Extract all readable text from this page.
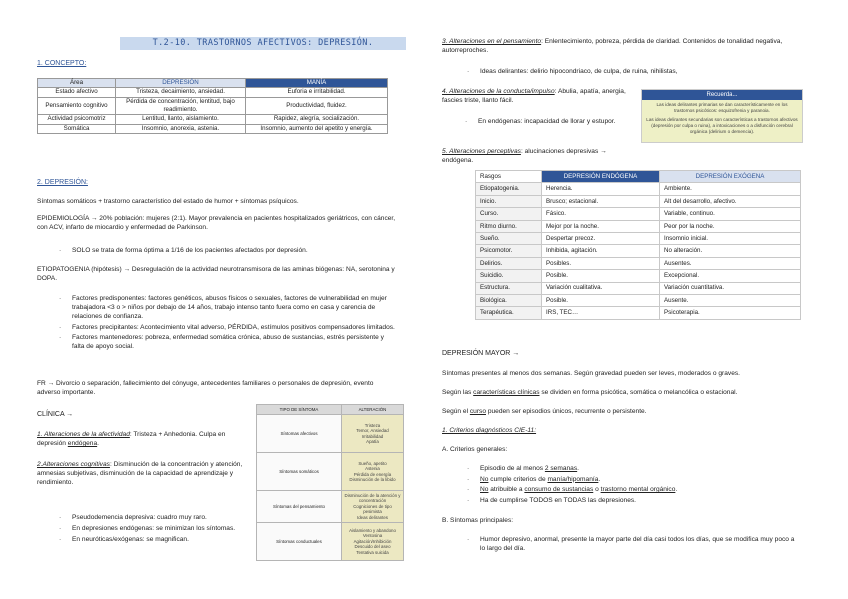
T.2-10. TRASTORNOS AFECTIVOS: DEPRESIÓN.
1. CONCEPTO:
Área	DEPRESIÓN	MANÍA
Estado afectivo	Tristeza, decaimiento, ansiedad.	Euforia e irritabilidad.
Pensamiento cognitivo	Pérdida de concentración, lentitud, bajo readimiento.	Productividad, fluidez.
Actividad psicomotriz	Lentitud, llanto, aislamiento.	Rapidez, alegría, socialización.
Somática	Insomnio, anorexia, astenia.	Insomnio, aumento del apetito y energía.
2. DEPRESIÓN:

Síntomas somáticos + trastorno característico del estado de humor + síntomas psíquicos.

EPIDEMIOLOGÍA → 20% población: mujeres (2:1). Mayor prevalencia en pacientes hospitalizados geriátricos, con cáncer, con ACV, infarto de miocardio y enfermedad de Parkinson.

SOLO se trata de forma óptima a 1/16 de los pacientes afectados por depresión.

ETIOPATOGENIA (hipótesis) → Desregulación de la actividad neurotransmisora de las aminas biógenas: NA, serotonina y DOPA.

· Factores predisponentes: factores genéticos, abusos físicos o sexuales, factores de vulnerabilidad en mujer trabajadora <3 o > niños por debajo de 14 años, trabajo intenso tanto fuera como en casa y carencia de relaciones de confianza.
· Factores precipitantes: Acontecimiento vital adverso, PÉRDIDA, estímulos positivos compensadores limitados.
· Factores mantenedores: pobreza, enfermedad somática crónica, abuso de sustancias, estrés persistente y falta de apoyo social.

FR → Divorcio o separación, fallecimiento del cónyuge, antecedentes familiares o personales de depresión, evento adverso importante.

CLÍNICA →

1. Alteraciones de la afectividad: Tristeza + Anhedonia. Culpa en depresión endógena.

2.Alteraciones cognitivas: Disminución de la concentración y atención, amnesias subjetivas, disminución de la capacidad de aprendizaje y rendimiento.

· Pseudodemencia depresiva: cuadro muy raro.
· En depresiones endógenas: se minimizan los síntomas.
· En neuróticas/exógenas: se magnifican.
TIPO DE SÍNTOMA	ALTERACIÓN
Síntomas afectivos	Tristeza
Temor, Ansiedad
Irritabilidad
Apatía
Síntomas somáticos	Sueño, apetito
Astenia
Pérdida de energía
Disminución de la libido
Síntomas del pensamiento	Disminución de la atención y concentración
Cogniciones de tipo pesimista
Ideas delirantes
Síntomas conductuales	Aislamiento y abandono
Ventosina
Agitación/Inhibición
Descuido del aseo
Tentativa suicida

3. Alteraciones en el pensamiento: Enlentecimiento, pobreza, pérdida de claridad. Contenidos de tonalidad negativa, autorreproches.

Ideas delirantes: delirio hipocondriaco, de culpa, de ruina, nihilistas,

4. Alteraciones de la conducta/impulso: Abulia, apatía, anergia, fascies triste, llanto fácil.

En endógenas: incapacidad de llorar y estupor.

5. Alteraciones perceptivas: alucinaciones depresivas → endógena.

Recuerda...

Las ideas delirantes primarias se dan característicamente en los trastornos psicóticos: esquizofrenia y paranoia.

Las ideas delirantes secundarias son características a trastornos afectivos (depresión por culpa o ruina), a intoxicaciones o a disfunción cerebral orgánica (delirium o demencia).

Rasgos	DEPRESIÓN ENDÓGENA	DEPRESIÓN EXÓGENA
Etiopatogenia.	Herencia.	Ambiente.
Inicio.	Brusco; estacional.	Alt del desarrollo, afectivo.
Curso.	Fásico.	Variable, continuo.
Ritmo diurno.	Mejor por la noche.	Peor por la noche.
Sueño.	Despertar precoz.	Insomnio inicial.
Psicomotor.	Inhibida, agitación.	No alteración.
Delirios.	Posibles.	Ausentes.
Suicidio.	Posible.	Excepcional.
Estructura.	Variación cualitativa.	Variación cuantitativa.
Biológica.	Posible.	Ausente.
Terapéutica.	IRS, TEC…	Psicoterapia.

DEPRESIÓN MAYOR →

Síntomas presentes al menos dos semanas. Según gravedad pueden ser leves, moderados o graves.

Según las características clínicas se dividen en forma psicótica, somática o melancólica o estacional.

Según el curso pueden ser episodios únicos, recurrente o persistente.

1. Criterios diagnósticos CIE-11:

A. Criterios generales:

· Episodio de al menos 2 semanas.
· No cumple criterios de manía/hipomanía.
· No atribuible a consumo de sustancias o trastorno mental orgánico.
· Ha de cumplirse TODOS en TODAS las depresiones.

B. Síntomas principales:

Humor depresivo, anormal, presente la mayor parte del día casi todos los días, que se modifica muy poco a lo largo del día.
